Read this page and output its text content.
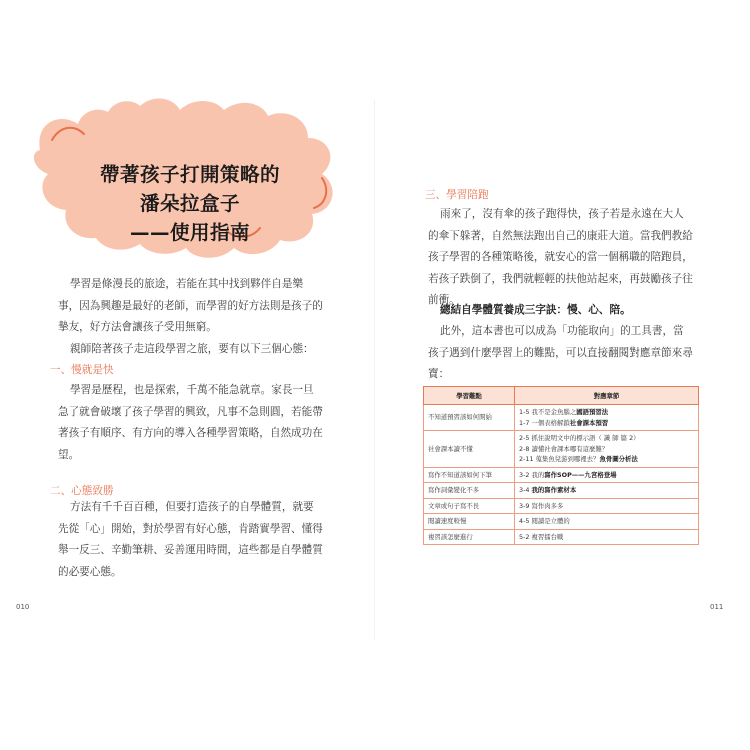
帶著孩子打開策略的
潘朵拉盒子
——使用指南
學習是條漫長的旅途，若能在其中找到夥伴自是樂
事，因為興趣是最好的老師，而學習的好方法則是孩子的
摯友，好方法會讓孩子受用無窮。
親師陪著孩子走這段學習之旅，要有以下三個心態：
一、慢就是快
學習是歷程，也是探索，千萬不能急就章。家長一旦
急了就會破壞了孩子學習的興致，凡事不急則圓，若能帶
著孩子有順序、有方向的導入各種學習策略，自然成功在
望。
二、心態致勝
方法有千千百百種，但要打造孩子的自學體質，就要
先從「心」開始，對於學習有好心態，肯踏實學習、懂得
舉一反三、辛勤筆耕、妥善運用時間，這些都是自學體質
的必要心態。
010
三、學習陪跑
雨來了，沒有傘的孩子跑得快，孩子若是永遠在大人
的傘下躲著，自然無法跑出自己的康莊大道。當我們教給
孩子學習的各種策略後，就安心的當一個稱職的陪跑員，
若孩子跌倒了，我們就輕輕的扶他站起來，再鼓勵孩子往
前衝。
總結自學體質養成三字訣：慢、心、陪。
此外，這本書也可以成為「功能取向」的工具書，當
孩子遇到什麼學習上的難點，可以直接翻閱對應章節來尋
寶：
學習難點	對應章節
不知道預習該如何開始	1-5 我不是金魚腦之國語預習法
1-7 一個表格解鎖社會課本預習

社會課本讀不懂	2-5 抓住說明文中的標示語（ 識 師 篇 2）
2-8 讀懂社會課本哪有這麼難？
2-11 蒐集魚兒游到哪裡去？魚骨圖分析法

寫作不知道該如何下筆	3-2 我的寫作SOP——九宮格登場
寫作詞彙變化不多	3-4 我的寫作素材本
文章或句子寫不長	3-9 寫作肉多多
閱讀速度較慢	4-5 閱讀是立體的
複習該怎麼進行	5-2 複習擂台戰
011
